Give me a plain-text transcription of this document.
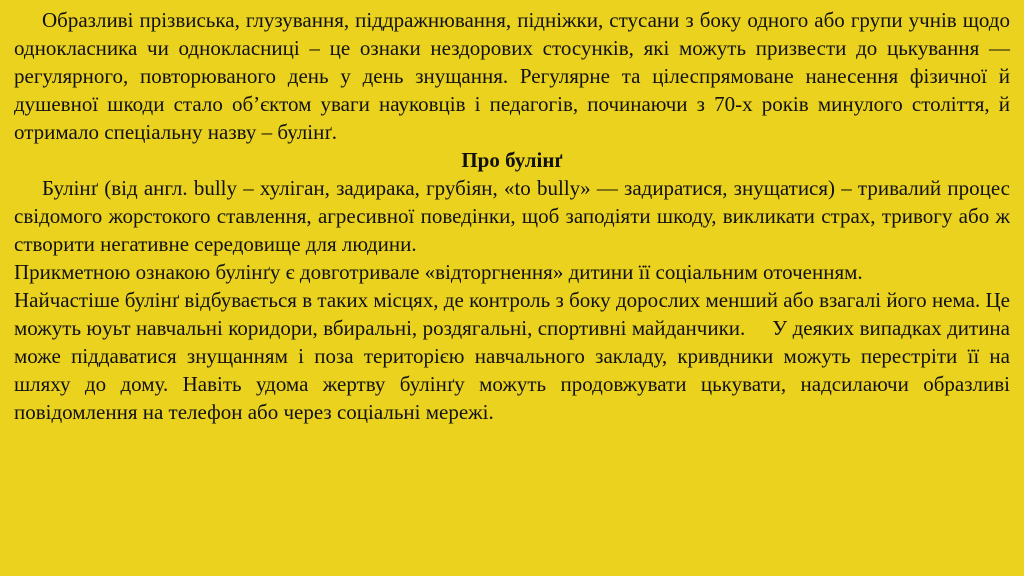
Образливі прізвиська, глузування, піддражнювання, підніжки, стусани з боку одного або групи учнів щодо однокласника чи однокласниці – це ознаки нездорових стосунків, які можуть призвести до цькування — регулярного, повторюваного день у день знущання. Регулярне та цілеспрямоване нанесення фізичної й душевної шкоди стало об’єктом уваги науковців і педагогів, починаючи з 70-х років минулого століття, й отримало спеціальну назву – булінґ.

Про булінґ

Булінґ (від англ. bully – хуліган, задирака, грубіян, «to bully» — задиратися, знущатися) – тривалий процес свідомого жорстокого ставлення, агресивної поведінки, щоб заподіяти шкоду, викликати страх, тривогу або ж створити негативне середовище для людини.

Прикметною ознакою булінґу є довготривале «відторгнення» дитини її соціальним оточенням.

Найчастіше булінґ відбувається в таких місцях, де контроль з боку дорослих менший або взагалі його нема. Це можуть юуьт навчальні коридори, вбиральні, роздягальні, спортивні майданчики.     У деяких випадках дитина може піддаватися знущанням і поза територією навчального закладу, кривдники можуть перестріти її на шляху до дому. Навіть удома жертву булінґу можуть продовжувати цькувати, надсилаючи образливі повідомлення на телефон або через соціальні мережі.
